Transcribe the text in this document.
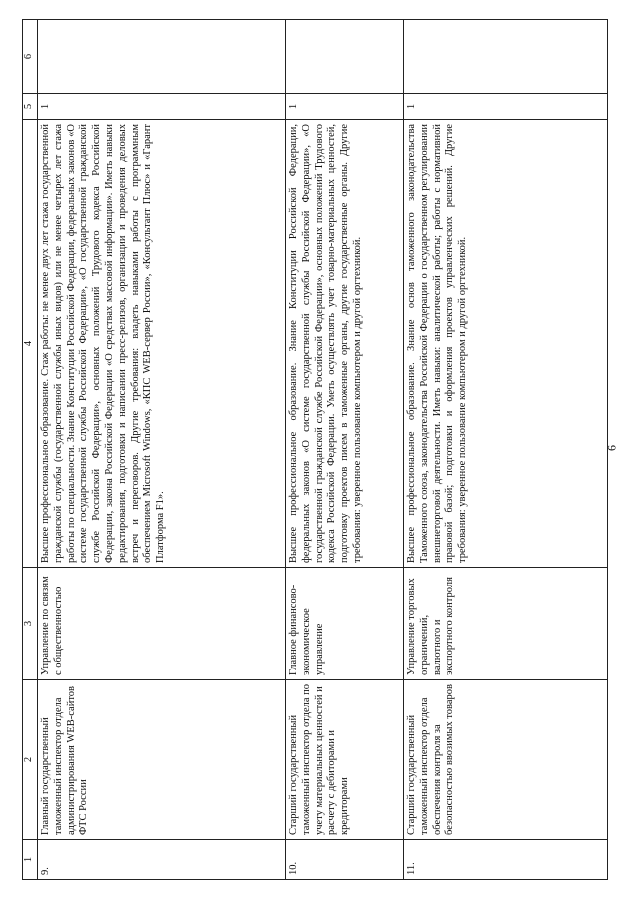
6
1	2	3	4	5	6
9.	Главный государственный таможенный инспектор отдела администрирования WEB-сайтов ФТС России	Управление по связям с общественностью	Высшее профессиональное образование. Стаж работы: не менее двух лет стажа государственной гражданской службы (государственной службы иных видов) или не менее четырех лет стажа работы по специальности. Знание Конституции Российской Федерации, федеральных законов «О системе государственной службы Российской Федерации», «О государственной гражданской службе Российской Федерации», основных положений Трудового кодекса Российской Федерации, закона Российской Федерации «О средствах массовой информации». Иметь навыки редактирования, подготовки и написании пресс-релизов, организации и проведения деловых встреч и переговоров. Другие требования: владеть навыками работы с программным обеспечением Microsoft Windows, «КПС WEB-сервер России», «Консультант Плюс» и «Гарант Платформа F1».	1	
10.	Старший государственный таможенный инспектор отдела по учету материальных ценностей и расчету с дебиторами и кредиторами	Главное финансово-экономическое управление	Высшее профессиональное образование. Знание Конституции Российской Федерации, федеральных законов «О системе государственной службы Российской Федерации», «О государственной гражданской службе Российской Федерации», основных положений Трудового кодекса Российской Федерации. Уметь осуществлять учет товарно-материальных ценностей, подготовку проектов писем в таможенные органы, другие государственные органы. Другие требования: уверенное пользование компьютером и другой оргтехникой.	1	
11.	Старший государственный таможенный инспектор отдела обеспечения контроля за безопасностью ввозимых товаров	Управление торговых ограничений, валютного и экспортного контроля	Высшее профессиональное образование. Знание основ таможенного законодательства Таможенного союза, законодательства Российской Федерации о государственном регулировании внешнеторговой деятельности. Иметь навыки: аналитической работы; работы с нормативной правовой базой; подготовки и оформления проектов управленческих решений. Другие требования: уверенное пользование компьютером и другой оргтехникой.	1	
